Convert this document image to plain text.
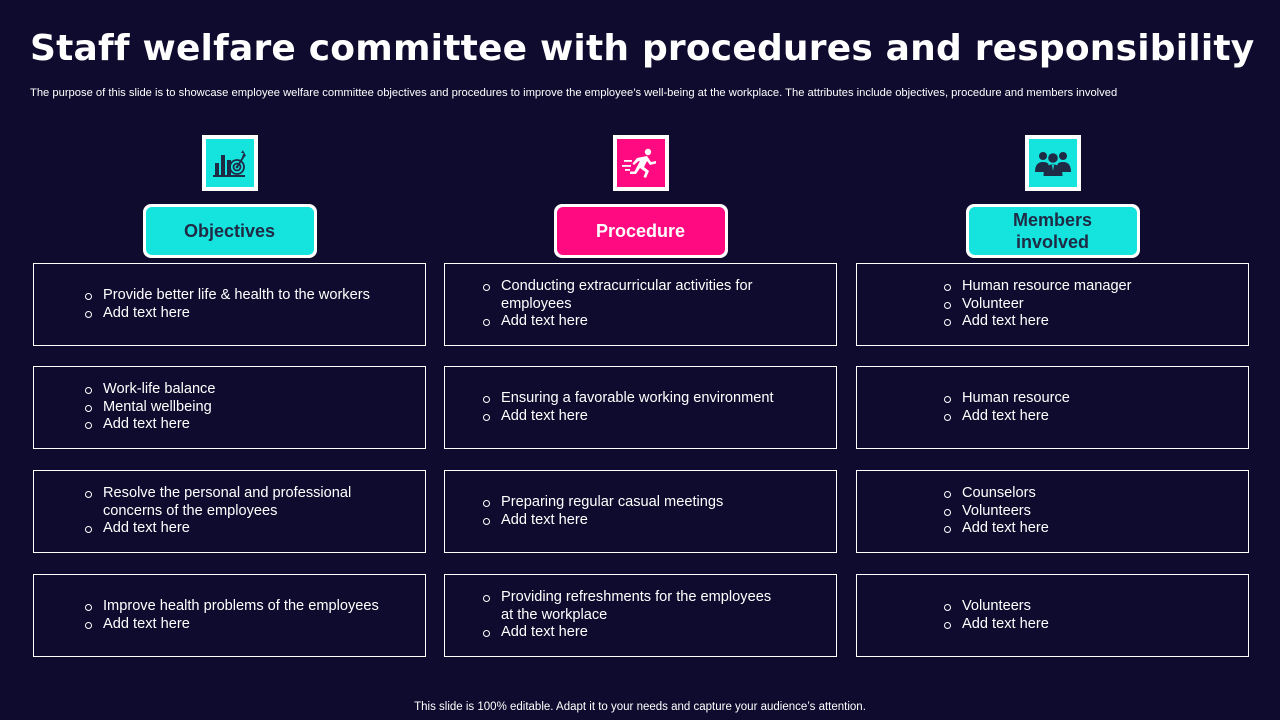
Staff welfare committee with procedures and responsibility
The purpose of this slide is to showcase employee welfare committee objectives and procedures to improve the employee’s well-being at the workplace. The attributes include objectives, procedure and members involved
Objectives
Provide better life & health to the workers
Add text here
Work-life balance
Mental wellbeing
Add text here
Resolve the personal and professional concerns of the employees
Add text here
Improve health problems of the employees
Add text here
Procedure
Conducting extracurricular activities for employees
Add text here
Ensuring a favorable working environment
Add text here
Preparing regular casual meetings
Add text here
Providing refreshments for the employees at the workplace
Add text here
Members involved
Human resource manager
Volunteer
Add text here
Human resource
Add text here
Counselors
Volunteers
Add text here
Volunteers
Add text here
This slide is 100% editable. Adapt it to your needs and capture your audience’s attention.
